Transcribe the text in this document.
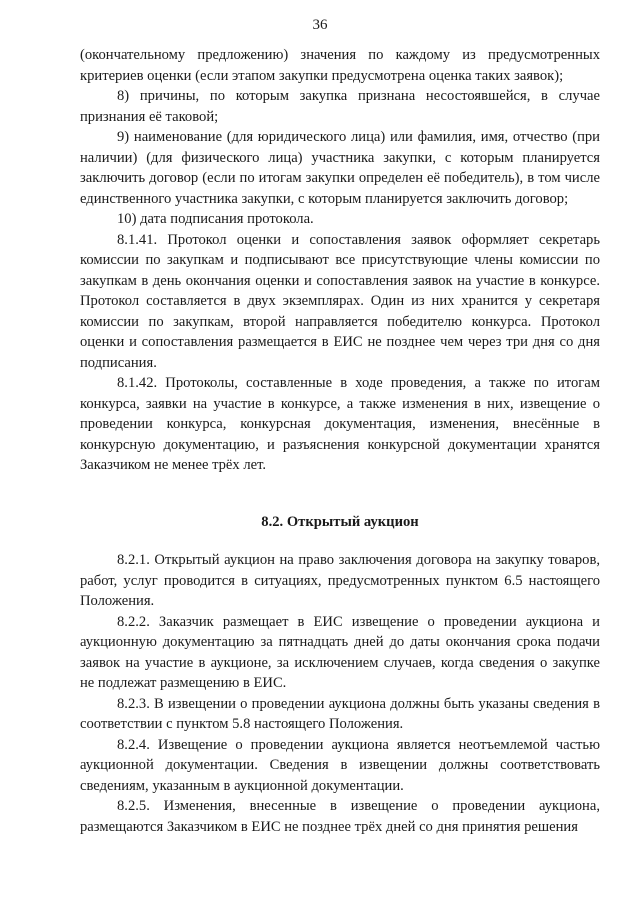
36

(окончательному предложению) значения по каждому из предусмотренных критериев оценки (если этапом закупки предусмотрена оценка таких заявок);

8) причины, по которым закупка признана несостоявшейся, в случае признания её таковой;

9) наименование (для юридического лица) или фамилия, имя, отчество (при наличии) (для физического лица) участника закупки, с которым планируется заключить договор (если по итогам закупки определен её победитель), в том числе единственного участника закупки, с которым планируется заключить договор;

10) дата подписания протокола.

8.1.41. Протокол оценки и сопоставления заявок оформляет секретарь комиссии по закупкам и подписывают все присутствующие члены комиссии по закупкам в день окончания оценки и сопоставления заявок на участие в конкурсе. Протокол составляется в двух экземплярах. Один из них хранится у секретаря комиссии по закупкам, второй направляется победителю конкурса. Протокол оценки и сопоставления размещается в ЕИС не позднее чем через три дня со дня подписания.

8.1.42. Протоколы, составленные в ходе проведения, а также по итогам конкурса, заявки на участие в конкурсе, а также изменения в них, извещение о проведении конкурса, конкурсная документация, изменения, внесённые в конкурсную документацию, и разъяснения конкурсной документации хранятся Заказчиком не менее трёх лет.

8.2. Открытый аукцион

8.2.1. Открытый аукцион на право заключения договора на закупку товаров, работ, услуг проводится в ситуациях, предусмотренных пунктом 6.5 настоящего Положения.

8.2.2. Заказчик размещает в ЕИС извещение о проведении аукциона и аукционную документацию за пятнадцать дней до даты окончания срока подачи заявок на участие в аукционе, за исключением случаев, когда сведения о закупке не подлежат размещению в ЕИС.

8.2.3. В извещении о проведении аукциона должны быть указаны сведения в соответствии с пунктом 5.8 настоящего Положения.

8.2.4. Извещение о проведении аукциона является неотъемлемой частью аукционной документации. Сведения в извещении должны соответствовать сведениям, указанным в аукционной документации.

8.2.5. Изменения, внесенные в извещение о проведении аукциона, размещаются Заказчиком в ЕИС не позднее трёх дней со дня принятия решения
